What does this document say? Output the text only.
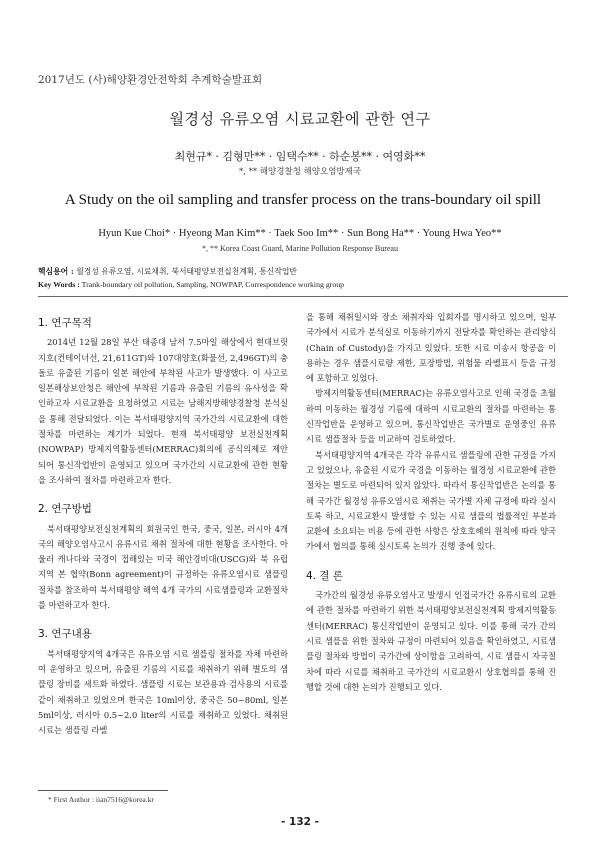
2017년도 (사)해양환경안전학회 추계학술발표회
월경성 유류오염 시료교환에 관한 연구
최현규* · 김형만** · 임택수** · 하순봉** · 여영화**
*, ** 해양경찰청 해양오염방제국
A Study on the oil sampling and transfer process on the trans-boundary oil spill
Hyun Kue Choi* · Hyeong Man Kim** · Taek Soo Im** · Sun Bong Ha** · Young Hwa Yeo**
*, ** Korea Coast Guard, Marine Pollution Response Bureau
핵심용어 : 월경성 유류오염, 시료채취, 북서태평양보전실천계획, 통신작업반
Key Words : Trank-boundary oil pollution, Sampling, NOWPAP, Correspondence working group
1. 연구목적

2014년 12월 28일 부산 태종대 남서 7.5마일 해상에서 현대브릿지호(컨테이너선, 21,611GT)와 107대양호(화물선, 2,496GT)의 충돌로 유출된 기름이 일본 해안에 부착된 사고가 발생했다. 이 사고로 일본해상보안청은 해안에 부착된 기름과 유출된 기름의 유사성을 확인하고자 시료교환을 요청하였고 시료는 남해지방해양경찰청 분석실을 통해 전달되었다. 이는 북서태평양지역 국가간의 시료교환에 대한 절차를 마련하는 계기가 되었다. 현재 북서태평양 보전실천계획(NOWPAP) 방제지역활동센터(MERRAC)회의에 공식의제로 제안되어 통신작업반이 운영되고 있으며 국가간의 시료교환에 관한 현황을 조사하여 절차를 마련하고자 한다.

2. 연구방법

북서태평양보전실천계획의 회원국인 한국, 중국, 일본, 러시아 4개국의 해양오염사고시 유류시료 채취 절차에 대한 현황을 조사한다. 아울러 캐나다와 국경이 접해있는 미국 해안경비대(USCG)와 북 유럽 지역 본 협약(Bonn agreement)이 규정하는 유류오염시료 샘플링 절차를 참조하여 북서태평양 해역 4개 국가의 시료샘플링과 교환절차를 마련하고자 한다.

3. 연구내용

북서태평양지역 4개국은 유류오염 시료 샘플링 절차를 자체 마련하여 운영하고 있으며, 유출된 기름의 시료를 채취하기 위해 별도의 샘플링 장비를 세트화 하였다. 샘플링 시료는 보관용과 검사용의 시료를 같이 채취하고 있었으며 한국은 10ml이상, 중국은 50~80ml, 일본 5ml이상, 러시아 0.5~2.0 liter의 시료를 채취하고 있었다. 채취된 시료는 샘플링 라벨

을 통해 채취일시와 장소 채취자와 입회자를 명시하고 있으며, 일부 국가에서 시료가 분석실로 이동하기까지 전달자를 확인하는 관리양식(Chain of Custody)을 가지고 있었다. 또한 시료 이송시 항공을 이용하는 경우 샘플시료량 제한, 포장방법, 위험물 라벨표시 등을 규정에 포함하고 있었다.

방제지역활동센터(MERRAC)는 유류오염사고로 인해 국경을 초월하여 이동하는 월경성 기름에 대하여 시료교환의 절차를 마련하는 통신작업반을 운영하고 있으며, 통신작업반은 국가별로 운영중인 유류시료 샘플절차 등을 비교하여 검토하였다.

북서태평양지역 4개국은 각각 유류시료 샘플링에 관한 규정을 가지고 있었으나, 유출된 시료가 국경을 이동하는 월경성 시료교환에 관한 절차는 별도로 마련되어 있지 않았다. 따라서 통신작업반은 논의를 통해 국가간 월경성 유류오염시료 채취는 국가별 자체 규정에 따라 실시토록 하고, 시료교환시 발생할 수 있는 시료 샘플의 법률적인 부분과 교환에 소요되는 비용 등에 관한 사항은 상호호혜의 원칙에 따라 양국가에서 협의를 통해 실시토록 논의가 진행 중에 있다.

4. 결 론

국가간의 월경성 유류오염사고 발생시 인접국가간 유류시료의 교환에 관한 절차를 마련하기 위한 북서태평양보전실천계획 방제지역활동센터(MERRAC) 통신작업반이 운영되고 있다. 이를 통해 국가 간의 시료 샘플을 위한 절차와 규정이 마련되어 있음을 확인하였고, 시료샘플링 절차와 방법이 국가간에 상이함을 고려하여, 시료 샘플시 자국절차에 따라 시료를 채취하고 국가간의 시료교환시 상호협의를 통해 진행할 것에 대한 논의가 진행되고 있다.

* First Author : iian7516@korea.kr
- 132 -
